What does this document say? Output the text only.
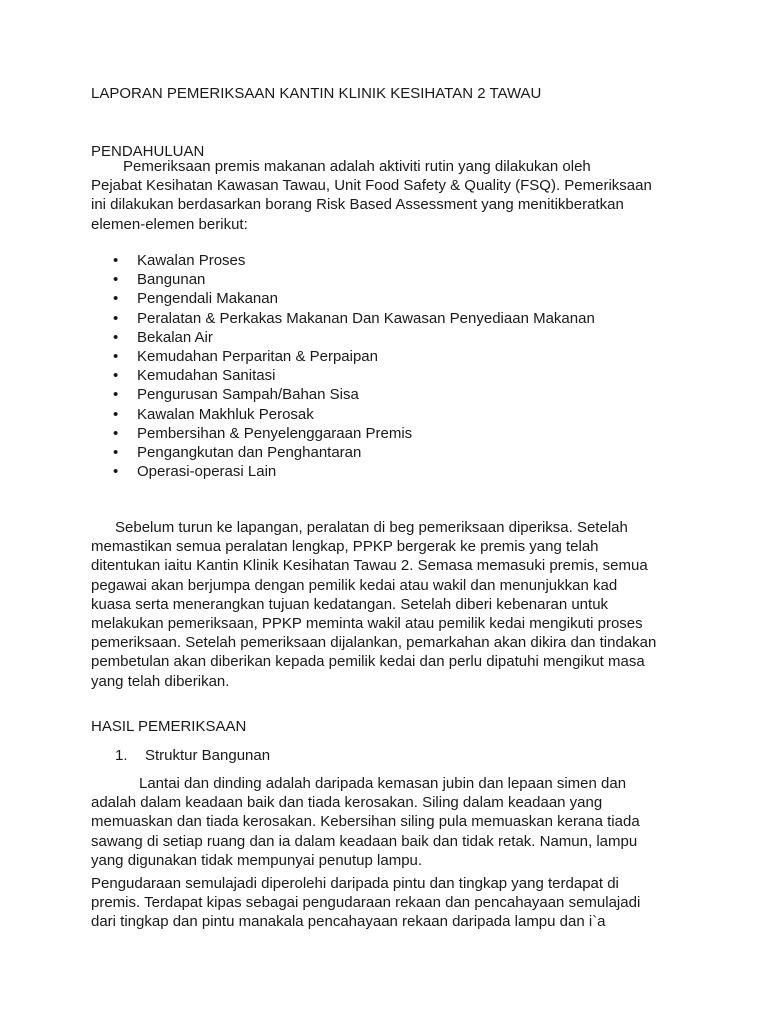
LAPORAN PEMERIKSAAN KANTIN KLINIK KESIHATAN 2 TAWAU
PENDAHULUAN
Pemeriksaan premis makanan adalah aktiviti rutin yang dilakukan oleh
Pejabat Kesihatan Kawasan Tawau, Unit Food Safety & Quality (FSQ). Pemeriksaan
ini dilakukan berdasarkan borang Risk Based Assessment yang menitikberatkan
elemen-elemen berikut:
• Kawalan Proses
• Bangunan
• Pengendali Makanan
• Peralatan & Perkakas Makanan Dan Kawasan Penyediaan Makanan
• Bekalan Air
• Kemudahan Perparitan & Perpaipan
• Kemudahan Sanitasi
• Pengurusan Sampah/Bahan Sisa
• Kawalan Makhluk Perosak
• Pembersihan & Penyelenggaraan Premis
• Pengangkutan dan Penghantaran
• Operasi-operasi Lain
Sebelum turun ke lapangan, peralatan di beg pemeriksaan diperiksa. Setelah
memastikan semua peralatan lengkap, PPKP bergerak ke premis yang telah
ditentukan iaitu Kantin Klinik Kesihatan Tawau 2. Semasa memasuki premis, semua
pegawai akan berjumpa dengan pemilik kedai atau wakil dan menunjukkan kad
kuasa serta menerangkan tujuan kedatangan. Setelah diberi kebenaran untuk
melakukan pemeriksaan, PPKP meminta wakil atau pemilik kedai mengikuti proses
pemeriksaan. Setelah pemeriksaan dijalankan, pemarkahan akan dikira dan tindakan
pembetulan akan diberikan kepada pemilik kedai dan perlu dipatuhi mengikut masa
yang telah diberikan.
HASIL PEMERIKSAAN
1. Struktur Bangunan
Lantai dan dinding adalah daripada kemasan jubin dan lepaan simen dan
adalah dalam keadaan baik dan tiada kerosakan. Siling dalam keadaan yang
memuaskan dan tiada kerosakan. Kebersihan siling pula memuaskan kerana tiada
sawang di setiap ruang dan ia dalam keadaan baik dan tidak retak. Namun, lampu
yang digunakan tidak mempunyai penutup lampu.
Pengudaraan semulajadi diperolehi daripada pintu dan tingkap yang terdapat di
premis. Terdapat kipas sebagai pengudaraan rekaan dan pencahayaan semulajadi
dari tingkap dan pintu manakala pencahayaan rekaan daripada lampu dan i`a
